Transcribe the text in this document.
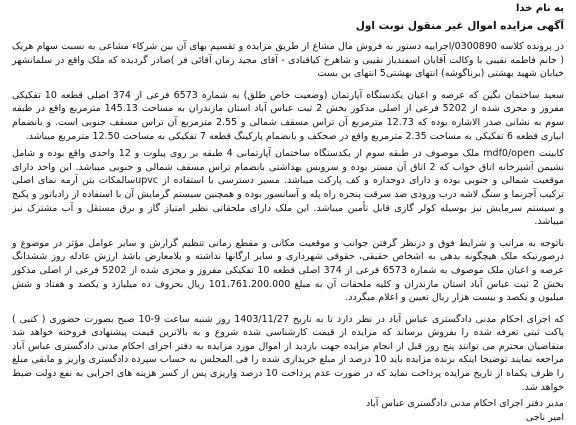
به نام خدا
آگهی مزایده اموال غیر منقول نوبت اول

در پرونده کلاسه 0300890/اجراییه دستور به فروش مال مشاع از طریق مزایده و تقسیم بهای آن بین شرکاء مشاعی به نسبت سهام هریک ( خانم فاطمه نقیبی با وکالت آقایان اسفندیار نقیبی و شاهرخ کیاقبادی - آقای مجید زمان آقائی فر )صادر گردیده که ملک واقع در سلمانشهر خیابان شهید بهشتی (برناگوشه) انتهای بهشتی5 انتهای بن بست

سعید ساختمان نگین که عرصه و اعیان یکدستگاه آپارتمان (وضعیت خاص طلق) به شماره 6573 فرعی از 374 اصلی قطعه 10 تفکیکی مفروز و مجزی شده از 5202 فرعی از اصلی مذکور بخش 2 ثبت عباس آباد استان مازندران به مساحت 145.13 مترمربع واقع در طبقه سوم به نشانی صدر الاشاره بوده که 12.73 مترمربع آن تراس مسقف شمالی و 2.55 مترمربع آن تراس مسقف جنوبی است. و بانضمام انباری قطعه 6 تفکیکی به مساحت 2.35 مترمربع واقع در صحکف و بانضمام پارکینگ قطعه 7 تفکیکی به مساحت 12.50 مترمربع میباشد.

کابینت mdf0/open ملک موصوف در طبقه سوم از یکدستگاه ساختمان آپارتمانی 4 طبقه بر روی پیلوت و 12 واحدی واقع بوده و شامل نشیمن آشپزخانه اتاق خواب که 2 اتاق آن مستر بوده و سرویس بهداشتی بانضمام تراس مسقف شمالی و جنوبی میباشد. این واحد دارای موقعیت شمالی و جنوبی بوده و دارای دوجداره و کف پارکت میباشد. مسیر دسترسی با استفاده از upvcسالمکات بتن آرمه نمای اصلی ترکیب آجرنما و سنگ لاشه درب ورودی ضد سرقت پنجره راه پله و آسانسور بوده و همچنین سیستم گرمایش آن با استفاده از رادیاتور و پکیج و سیستم سرمایش نیز بوسیله کولر گازی قابل تأمین میباشد. این ملک دارای ملحقاتی نظیر امتیاز گاز و برق مستقل و آب مشترک نیز میباشد.

باتوجه به مراتب و شرایط فوق و درنظر گرفتن جوانب و موقعیت مکانی و مقطع زمانی تنظیم گزارش و سایر عوامل مؤثر در موضوع و درصورتیکه ملک هیچگونه بدهی به اشخاص حقیقی، حقوقی شهرداری و سایر ارگانها نداشته و بلامعارض باشد ارزش عادله روز ششدانگ عرصه و اعیان ملک موصوف به شماره 6573 فرعی از 374 اصلی قطعه 10 تفکیکی مفروز و مجزی شده از 5202 فرعی از اصلی مذکور بخش 2 ثبت عباس آباد استان مازندران و کلیه ملحقات آن به مبلغ 101.761.200.000 ریال بحروف ده میلیارد و یکصد و هفتاد و شش میلیون و یکصد و بیست هزار ریال تعیین و اعلام میگردد.

که اجرای احکام مدنی دادگستری عباس آباد در نظر دارد تا به تاریخ 1403/11/27 روز شنبه ساعت 9-10 صبح بصورت حضوری ( کتبی ) پاکت ثبتی تعرفه شده را بفروش برساند که مزایده از قیمت کارشناسی شده شروع و به بالاترین قیمت پیشنهادی فروخته خواهد شد متقاضیان محترم می توانند پنج روز قبل از انجام مزایده جهت بازدید از اموال مورد مزایده به دفتر اجرای احکام مدنی دادگستری عباس آباد مراجعه نمایند توضیحا اینکه برنده مزایده باید 10 درصد از مبلغ خریداری شده را فی المجلس به حساب سپرده دادگستری واریز و مابقی مبلغ را ظرف یکماه از تاریخ مزایده پرداخت نماید که در صورت عدم پرداخت 10 درصد واریزی پس از کسر هزینه های اجرایی به نفع دولت ضبط خواهد شد.

مدیر دفتر اجرای احکام مدنی دادگستری عباس آباد
امیر ناجی
